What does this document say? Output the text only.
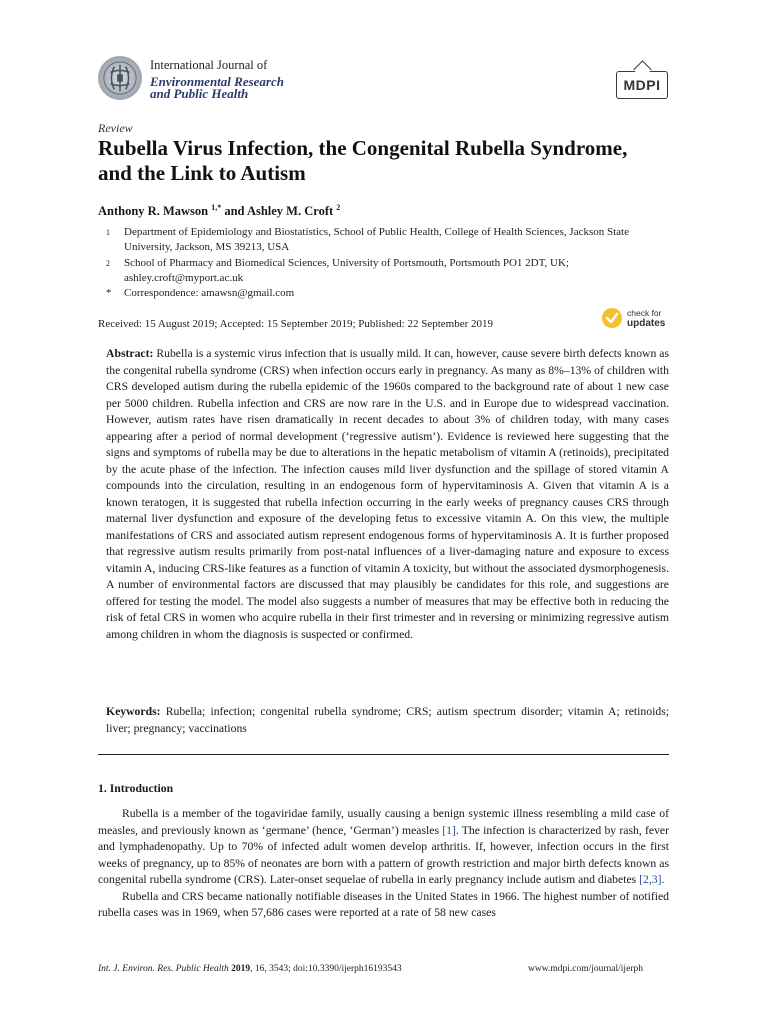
International Journal of
Environmental Research
and Public Health
MDPI
Review
Rubella Virus Infection, the Congenital Rubella Syndrome, and the Link to Autism
Anthony R. Mawson $^{1,*}$ and Ashley M. Croft $^2$
1 Department of Epidemiology and Biostatistics, School of Public Health, College of Health Sciences, Jackson State University, Jackson, MS 39213, USA
2 School of Pharmacy and Biomedical Sciences, University of Portsmouth, Portsmouth PO1 2DT, UK; ashley.croft@myport.ac.uk
* Correspondence: amawsn@gmail.com
Received: 15 August 2019; Accepted: 15 September 2019; Published: 22 September 2019
check for
updates
Abstract: Rubella is a systemic virus infection that is usually mild. It can, however, cause severe birth defects known as the congenital rubella syndrome (CRS) when infection occurs early in pregnancy. As many as 8%–13% of children with CRS developed autism during the rubella epidemic of the 1960s compared to the background rate of about 1 new case per 5000 children. Rubella infection and CRS are now rare in the U.S. and in Europe due to widespread vaccination. However, autism rates have risen dramatically in recent decades to about 3% of children today, with many cases appearing after a period of normal development (‘regressive autism’). Evidence is reviewed here suggesting that the signs and symptoms of rubella may be due to alterations in the hepatic metabolism of vitamin A (retinoids), precipitated by the acute phase of the infection. The infection causes mild liver dysfunction and the spillage of stored vitamin A compounds into the circulation, resulting in an endogenous form of hypervitaminosis A. Given that vitamin A is a known teratogen, it is suggested that rubella infection occurring in the early weeks of pregnancy causes CRS through maternal liver dysfunction and exposure of the developing fetus to excessive vitamin A. On this view, the multiple manifestations of CRS and associated autism represent endogenous forms of hypervitaminosis A. It is further proposed that regressive autism results primarily from post-natal influences of a liver-damaging nature and exposure to excess vitamin A, inducing CRS-like features as a function of vitamin A toxicity, but without the associated dysmorphogenesis. A number of environmental factors are discussed that may plausibly be candidates for this role, and suggestions are offered for testing the model. The model also suggests a number of measures that may be effective both in reducing the risk of fetal CRS in women who acquire rubella in their first trimester and in reversing or minimizing regressive autism among children in whom the diagnosis is suspected or confirmed.
Keywords: Rubella; infection; congenital rubella syndrome; CRS; autism spectrum disorder; vitamin A; retinoids; liver; pregnancy; vaccinations
1. Introduction

Rubella is a member of the togaviridae family, usually causing a benign systemic illness resembling a mild case of measles, and previously known as ‘germane’ (hence, ‘German’) measles [1]. The infection is characterized by rash, fever and lymphadenopathy. Up to 70% of infected adult women develop arthritis. If, however, infection occurs in the first weeks of pregnancy, up to 85% of neonates are born with a pattern of growth restriction and major birth defects known as congenital rubella syndrome (CRS). Later-onset sequelae of rubella in early pregnancy include autism and diabetes [2,3].

Rubella and CRS became nationally notifiable diseases in the United States in 1966. The highest number of notified rubella cases was in 1969, when 57,686 cases were reported at a rate of 58 new cases

Int. J. Environ. Res. Public Health 2019, 16, 3543; doi:10.3390/ijerph16193543	www.mdpi.com/journal/ijerph
